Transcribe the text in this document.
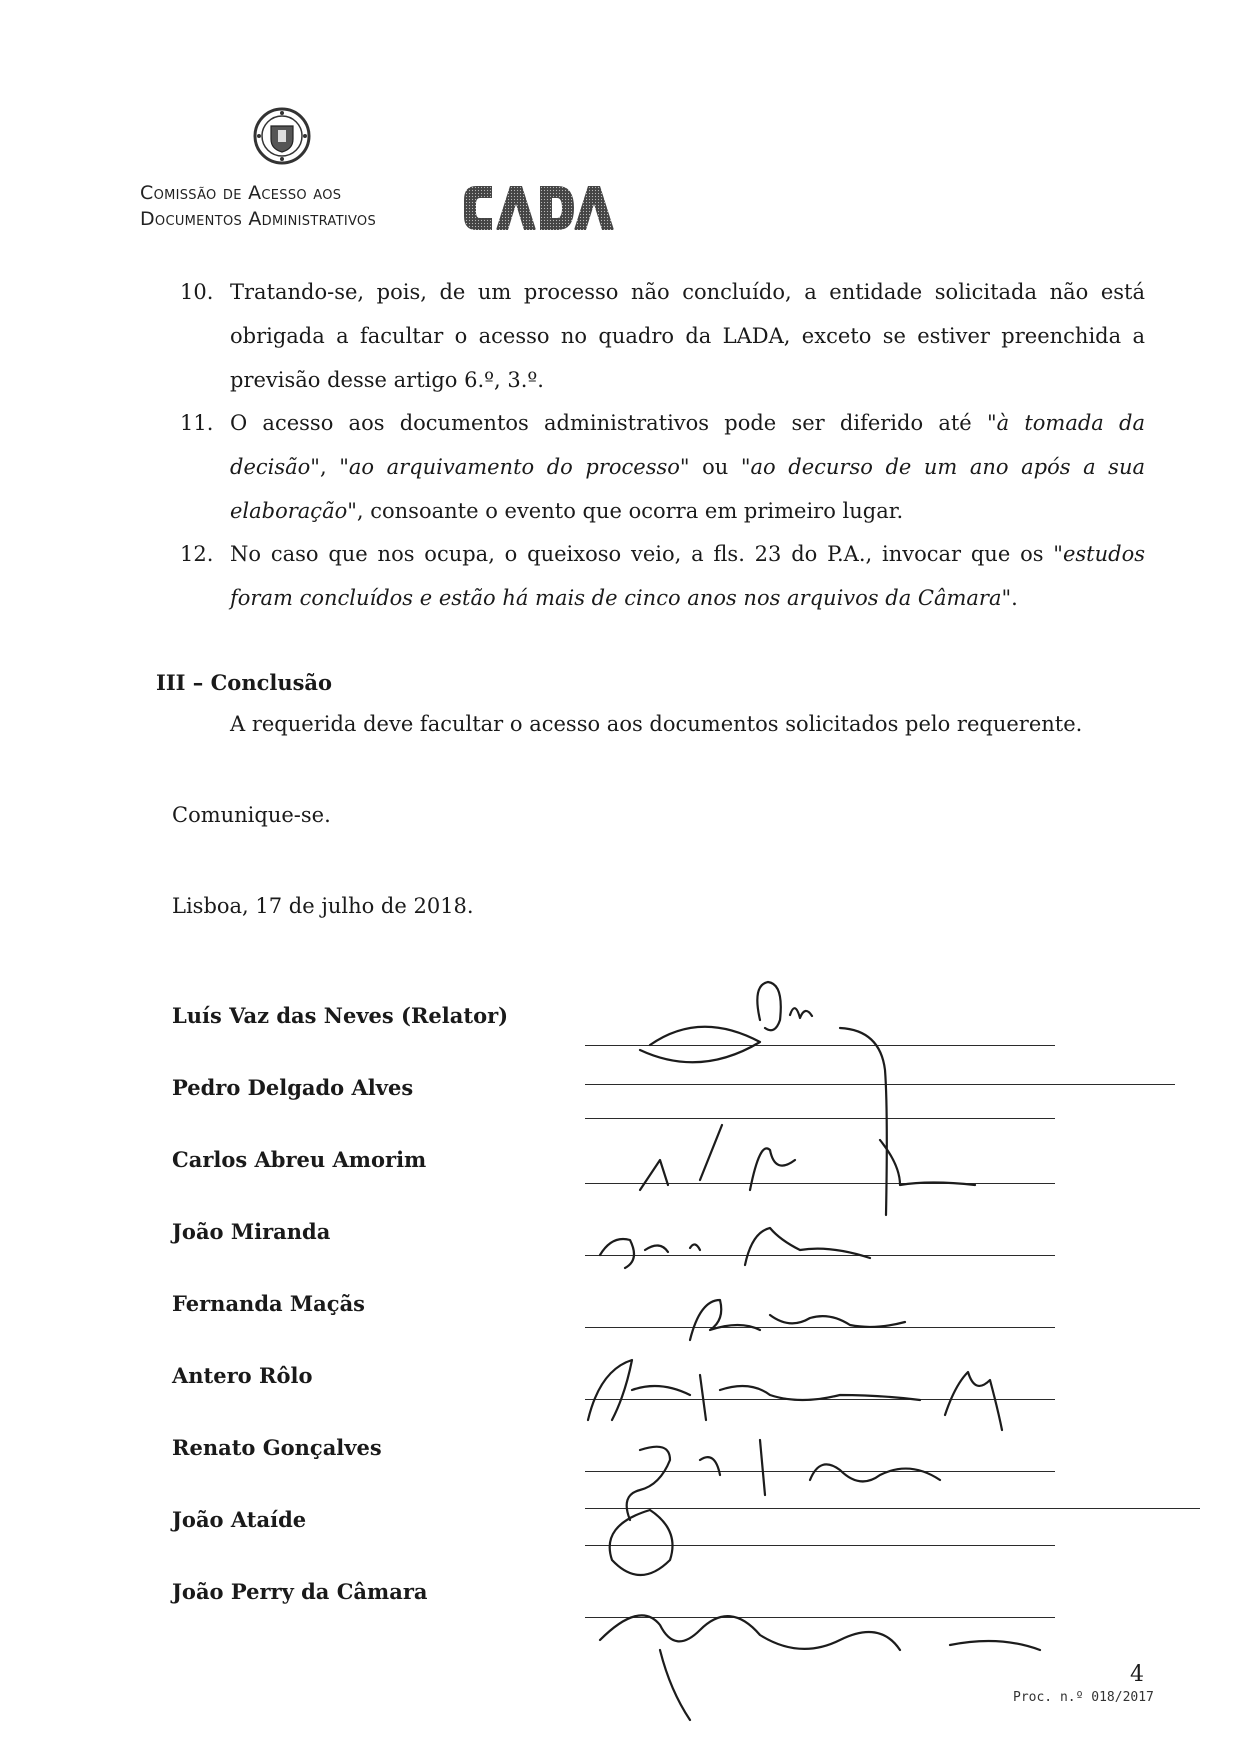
Comissão de Acesso aos
Documentos Administrativos
10. Tratando-se, pois, de um processo não concluído, a entidade solicitada não está obrigada a facultar o acesso no quadro da LADA, exceto se estiver preenchida a previsão desse artigo 6.º, 3.º.
11. O acesso aos documentos administrativos pode ser diferido até "à tomada da decisão", "ao arquivamento do processo" ou "ao decurso de um ano após a sua elaboração", consoante o evento que ocorra em primeiro lugar.
12. No caso que nos ocupa, o queixoso veio, a fls. 23 do P.A., invocar que os "estudos foram concluídos e estão há mais de cinco anos nos arquivos da Câmara".
III – Conclusão
A requerida deve facultar o acesso aos documentos solicitados pelo requerente.
Comunique-se.
Lisboa, 17 de julho de 2018.
Luís Vaz das Neves (Relator)
Pedro Delgado Alves
Carlos Abreu Amorim
João Miranda
Fernanda Maçãs
Antero Rôlo
Renato Gonçalves
João Ataíde
João Perry da Câmara
4
Proc. n.º 018/2017
